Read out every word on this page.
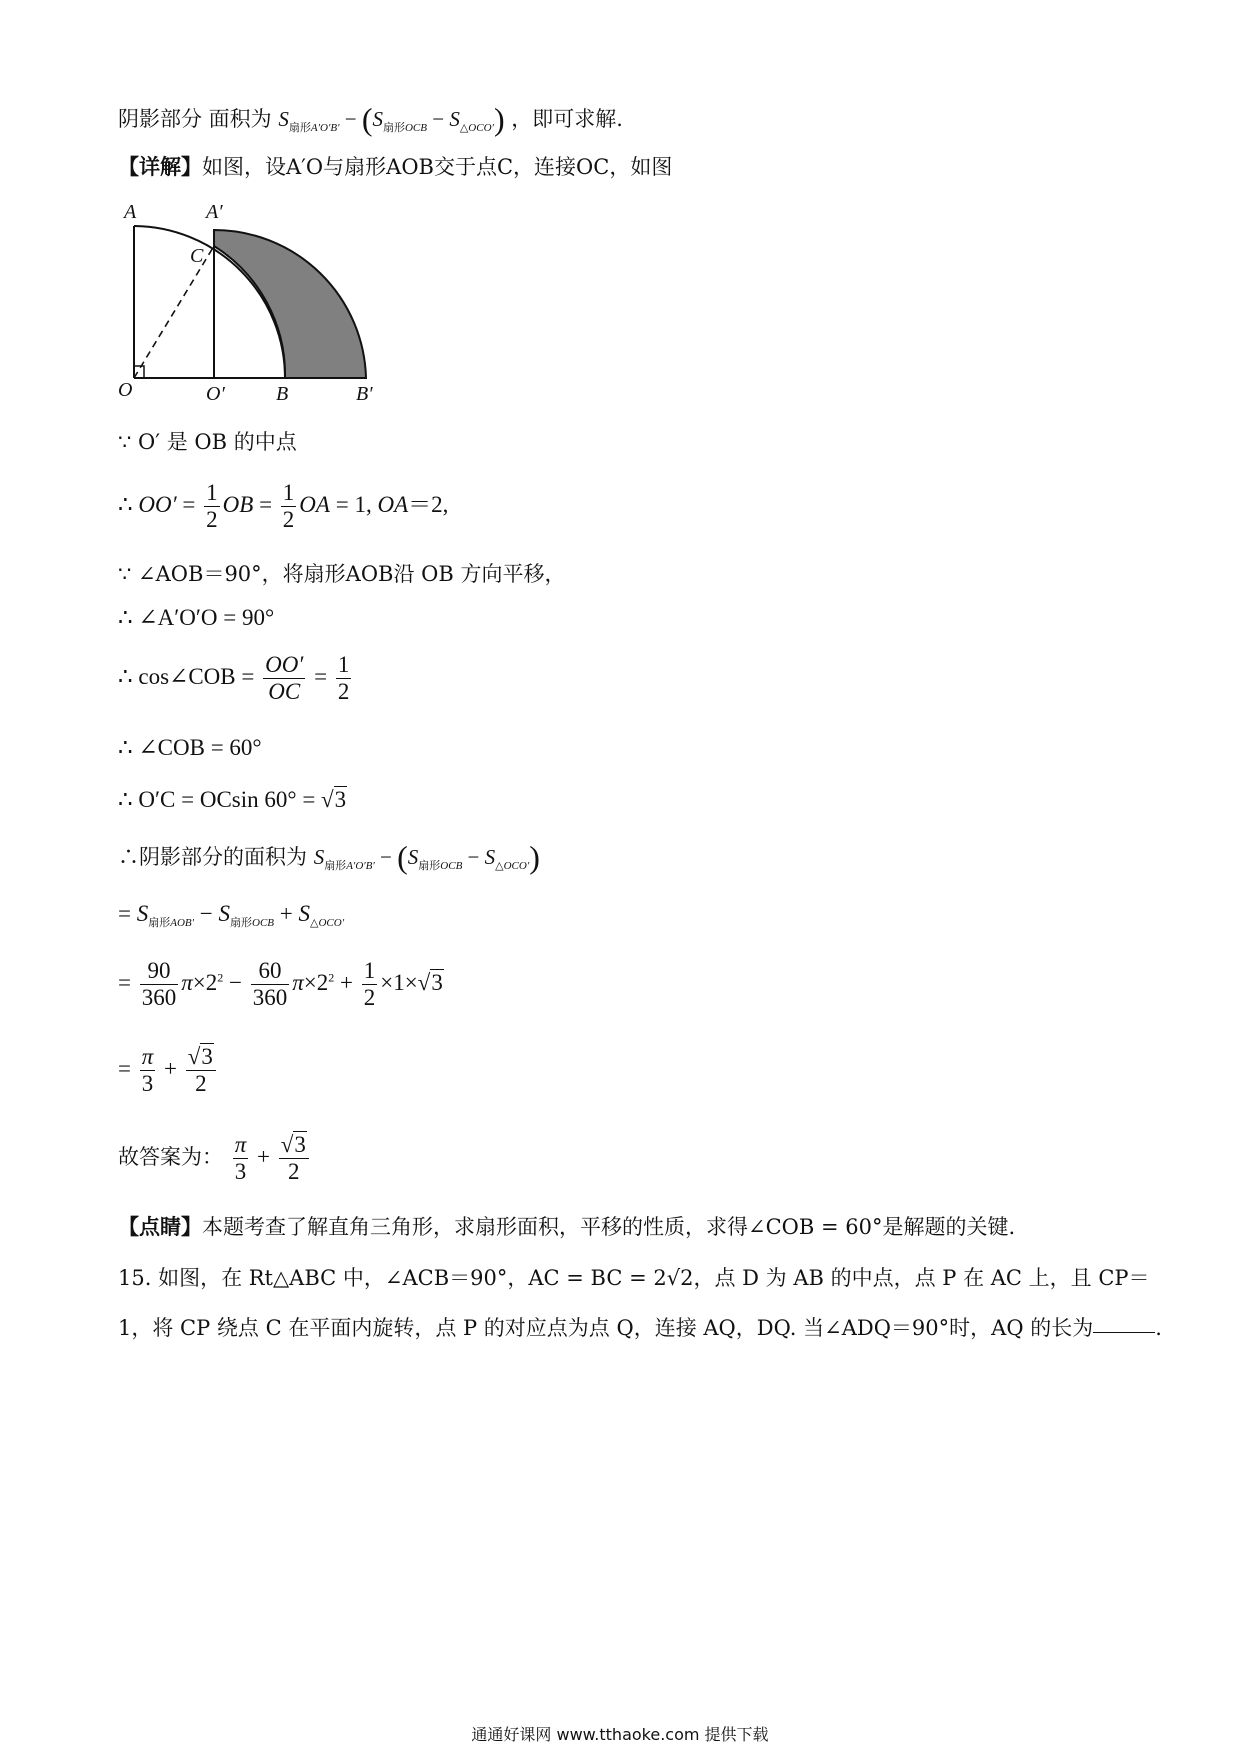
阴影部分 面积为 $S_{扇形A'O'B'} - (S_{扇形OCB} - S_{\triangle OCO'})$ ，即可求解.
【详解】如图，设A′O与扇形AOB交于点C，连接OC，如图
A	A′
C
O	O′	B	B′
∵ O′ 是 OB 的中点
∴ $OO' = \frac{1}{2}$ OB = $\frac{1}{2}$ OA = 1, OA＝2,
∵ ∠AOB＝90°，将扇形AOB沿 OB 方向平移，
∴ ∠A′O′O = 90°
∴ cos∠COB = $\frac{OO'}{OC} = \frac{1}{2}$
∴ ∠COB = 60°
∴ O′C = OCsin 60° = √3
∴阴影部分的面积为 $S_{扇形A'O'B'} - (S_{扇形OCB} - S_{\triangle OCO'})$
= $S_{扇形AOB'} - S_{扇形OCB} + S_{\triangle OCO'}$
= $\frac{90}{360} \pi\times 2^2 - \frac{60}{360} \pi\times 2^2 + \frac{1}{2} \times 1\times√3$
= $\frac{\pi}{3} + \frac{√3}{2}$
故答案为： $\frac{\pi}{3} + \frac{√3}{2}$
【点睛】本题考查了解直角三角形，求扇形面积，平移的性质，求得∠COB = 60°是解题的关键.
15. 如图，在 Rt△ABC 中，∠ACB＝90°，AC = BC = 2√2，点 D 为 AB 的中点，点 P 在 AC 上，且 CP＝
1，将 CP 绕点 C 在平面内旋转，点 P 的对应点为点 Q，连接 AQ，DQ. 当∠ADQ＝90°时，AQ 的长为	.
通通好课网 www.tthaoke.com 提供下载
